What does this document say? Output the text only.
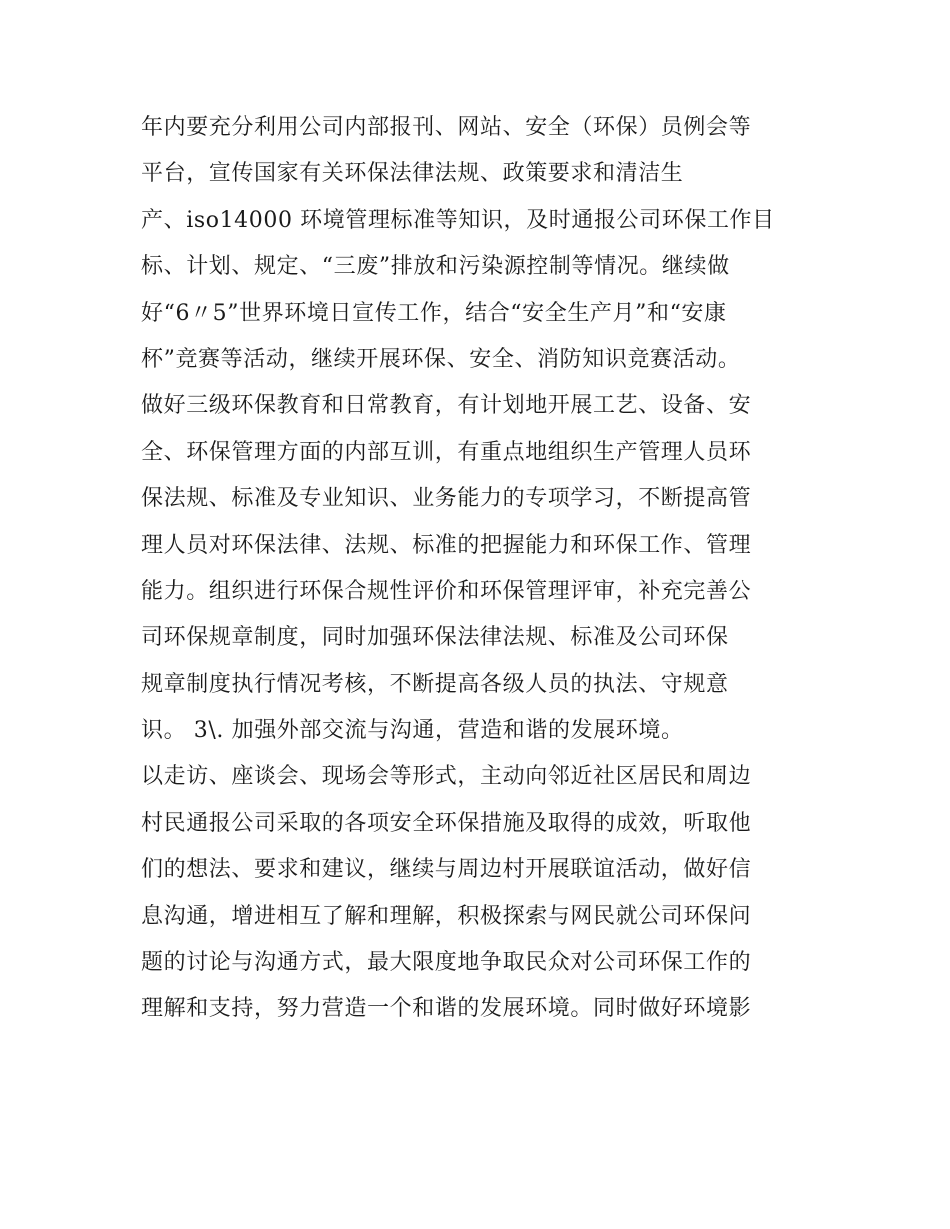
年内要充分利用公司内部报刊、网站、安全（环保）员例会等
平台，宣传国家有关环保法律法规、政策要求和清洁生
产、iso14000 环境管理标准等知识，及时通报公司环保工作目
标、计划、规定、“三废”排放和污染源控制等情况。继续做
好“6〃5”世界环境日宣传工作，结合“安全生产月”和“安康
杯”竞赛等活动，继续开展环保、安全、消防知识竞赛活动。
做好三级环保教育和日常教育，有计划地开展工艺、设备、安
全、环保管理方面的内部互训，有重点地组织生产管理人员环
保法规、标准及专业知识、业务能力的专项学习，不断提高管
理人员对环保法律、法规、标准的把握能力和环保工作、管理
能力。组织进行环保合规性评价和环保管理评审，补充完善公
司环保规章制度，同时加强环保法律法规、标准及公司环保
规章制度执行情况考核，不断提高各级人员的执法、守规意
识。 3\. 加强外部交流与沟通，营造和谐的发展环境。
以走访、座谈会、现场会等形式，主动向邻近社区居民和周边
村民通报公司采取的各项安全环保措施及取得的成效，听取他
们的想法、要求和建议，继续与周边村开展联谊活动，做好信
息沟通，增进相互了解和理解，积极探索与网民就公司环保问
题的讨论与沟通方式，最大限度地争取民众对公司环保工作的
理解和支持，努力营造一个和谐的发展环境。同时做好环境影
